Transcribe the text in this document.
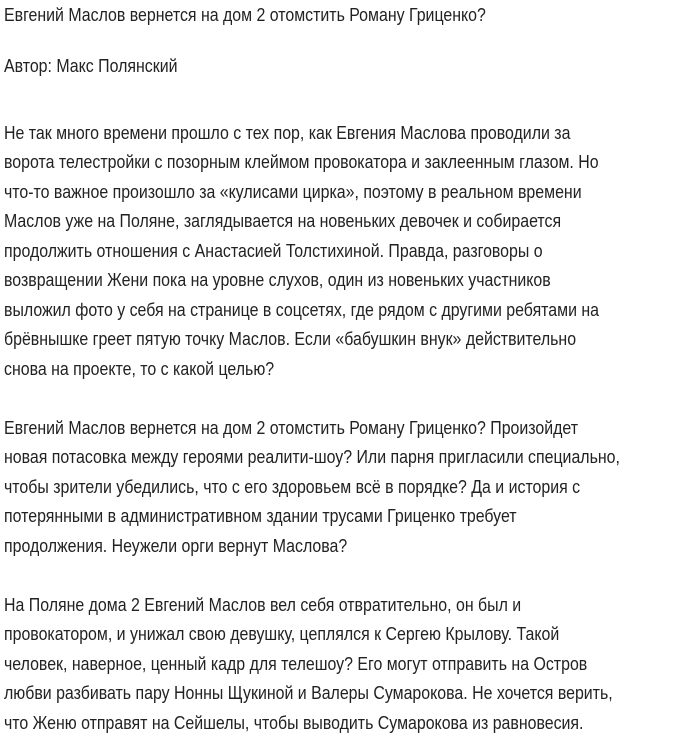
Евгений Маслов вернется на дом 2 отомстить Роману Гриценко?
Автор: Макс Полянский
Не так много времени прошло с тех пор, как Евгения Маслова проводили за
ворота телестройки с позорным клеймом провокатора и заклеенным глазом. Но
что-то важное произошло за «кулисами цирка», поэтому в реальном времени
Маслов уже на Поляне, заглядывается на новеньких девочек и собирается
продолжить отношения с Анастасией Толстихиной. Правда, разговоры о
возвращении Жени пока на уровне слухов, один из новеньких участников
выложил фото у себя на странице в соцсетях, где рядом с другими ребятами на
брёвнышке греет пятую точку Маслов. Если «бабушкин внук» действительно
снова на проекте, то с какой целью?
Евгений Маслов вернется на дом 2 отомстить Роману Гриценко? Произойдет
новая потасовка между героями реалити-шоу? Или парня пригласили специально,
чтобы зрители убедились, что с его здоровьем всё в порядке? Да и история с
потерянными в административном здании трусами Гриценко требует
продолжения. Неужели орги вернут Маслова?
На Поляне дома 2 Евгений Маслов вел себя отвратительно, он был и
провокатором, и унижал свою девушку, цеплялся к Сергею Крылову. Такой
человек, наверное, ценный кадр для телешоу? Его могут отправить на Остров
любви разбивать пару Нонны Щукиной и Валеры Сумарокова. Не хочется верить,
что Женю отправят на Сейшелы, чтобы выводить Сумарокова из равновесия.
